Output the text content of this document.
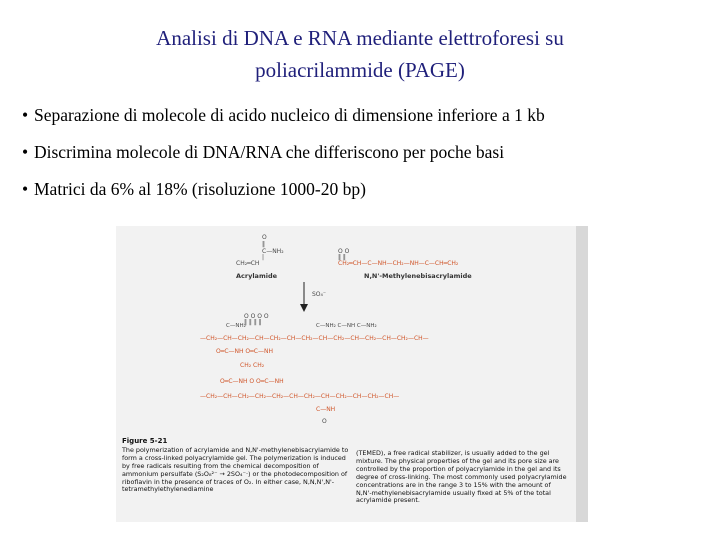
Analisi di DNA e RNA mediante elettroforesi su
poliacrilammide (PAGE)
• Separazione di molecole di acido nucleico di dimensione inferiore a 1 kb
• Discrimina molecole di DNA/RNA che differiscono per poche basi
• Matrici da 6% al 18% (risoluzione 1000-20 bp)
O
‖
C—NH₂
|
CH₂═CH
Acrylamide
O O
‖ ‖
CH₂═CH—C—NH—CH₂—NH—C—CH═CH₂
N,N'-Methylenebisacrylamide
SO₄⁻
O O O O
‖ ‖ ‖ ‖
C—NH₂	C—NH₂ C—NH C—NH₂
—CH₂—CH—CH₂—CH—CH₂—CH—CH₂—CH—CH₂—CH—CH₂—CH—CH₂—CH—
O═C—NH O═C—NH
CH₂ CH₂
O═C—NH O O═C—NH
—CH₂—CH—CH₂—CH₂—CH₂—CH—CH₂—CH—CH₂—CH—CH₂—CH—
C—NH
O
Figure 5-21
The polymerization of acrylamide and N,N'-methylenebisacrylamide to form a cross-linked polyacrylamide gel. The polymerization is induced by free radicals resulting from the chemical decomposition of ammonium persulfate (S₂O₈²⁻ → 2SO₄⁻·) or the photodecomposition of riboflavin in the presence of traces of O₂. In either case, N,N,N',N'-tetramethylethylenediamine
(TEMED), a free radical stabilizer, is usually added to the gel mixture. The physical properties of the gel and its pore size are controlled by the proportion of polyacrylamide in the gel and its degree of cross-linking. The most commonly used polyacrylamide concentrations are in the range 3 to 15% with the amount of N,N'-methylenebisacrylamide usually fixed at 5% of the total acrylamide present.
